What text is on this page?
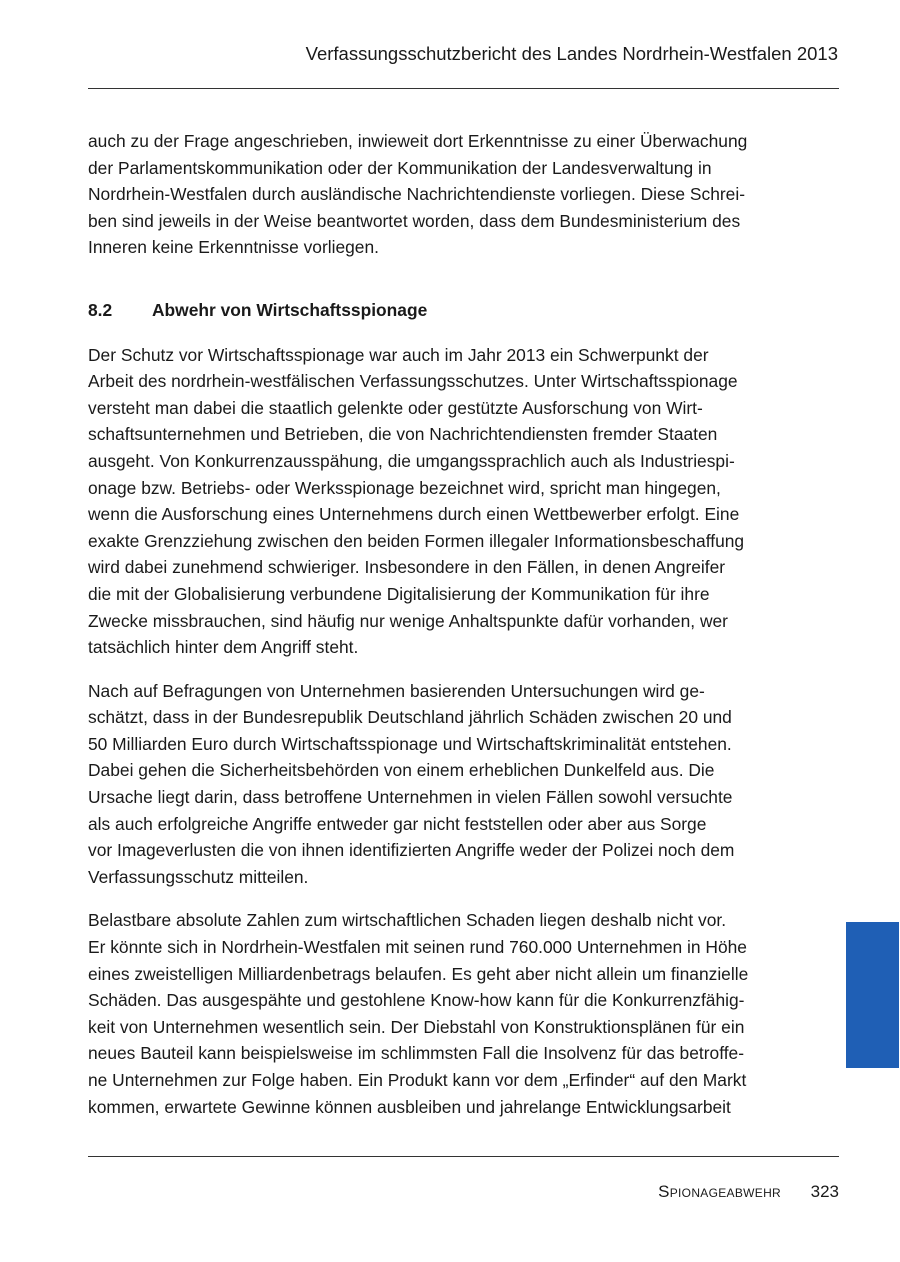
Verfassungsschutzbericht des Landes Nordrhein-Westfalen 2013

auch zu der Frage angeschrieben, inwieweit dort Erkenntnisse zu einer Überwachung
der Parlamentskommunikation oder der Kommunikation der Landesverwaltung in
Nordrhein-Westfalen durch ausländische Nachrichtendienste vorliegen. Diese Schrei-
ben sind jeweils in der Weise beantwortet worden, dass dem Bundesministerium des
Inneren keine Erkenntnisse vorliegen.

8.2 Abwehr von Wirtschaftsspionage

Der Schutz vor Wirtschaftsspionage war auch im Jahr 2013 ein Schwerpunkt der
Arbeit des nordrhein-westfälischen Verfassungsschutzes. Unter Wirtschaftsspionage
versteht man dabei die staatlich gelenkte oder gestützte Ausforschung von Wirt-
schaftsunternehmen und Betrieben, die von Nachrichtendiensten fremder Staaten
ausgeht. Von Konkurrenzausspähung, die umgangssprachlich auch als Industriespi-
onage bzw. Betriebs- oder Werksspionage bezeichnet wird, spricht man hingegen,
wenn die Ausforschung eines Unternehmens durch einen Wettbewerber erfolgt. Eine
exakte Grenzziehung zwischen den beiden Formen illegaler Informationsbeschaffung
wird dabei zunehmend schwieriger. Insbesondere in den Fällen, in denen Angreifer
die mit der Globalisierung verbundene Digitalisierung der Kommunikation für ihre
Zwecke missbrauchen, sind häufig nur wenige Anhaltspunkte dafür vorhanden, wer
tatsächlich hinter dem Angriff steht.

Nach auf Befragungen von Unternehmen basierenden Untersuchungen wird ge-
schätzt, dass in der Bundesrepublik Deutschland jährlich Schäden zwischen 20 und
50 Milliarden Euro durch Wirtschaftsspionage und Wirtschaftskriminalität entstehen.
Dabei gehen die Sicherheitsbehörden von einem erheblichen Dunkelfeld aus. Die
Ursache liegt darin, dass betroffene Unternehmen in vielen Fällen sowohl versuchte
als auch erfolgreiche Angriffe entweder gar nicht feststellen oder aber aus Sorge
vor Imageverlusten die von ihnen identifizierten Angriffe weder der Polizei noch dem
Verfassungsschutz mitteilen.

Belastbare absolute Zahlen zum wirtschaftlichen Schaden liegen deshalb nicht vor.
Er könnte sich in Nordrhein-Westfalen mit seinen rund 760.000 Unternehmen in Höhe
eines zweistelligen Milliardenbetrags belaufen. Es geht aber nicht allein um finanzielle
Schäden. Das ausgespähte und gestohlene Know-how kann für die Konkurrenzfähig-
keit von Unternehmen wesentlich sein. Der Diebstahl von Konstruktionsplänen für ein
neues Bauteil kann beispielsweise im schlimmsten Fall die Insolvenz für das betroffe-
ne Unternehmen zur Folge haben. Ein Produkt kann vor dem „Erfinder“ auf den Markt
kommen, erwartete Gewinne können ausbleiben und jahrelange Entwicklungsarbeit

Spionageabwehr 323
